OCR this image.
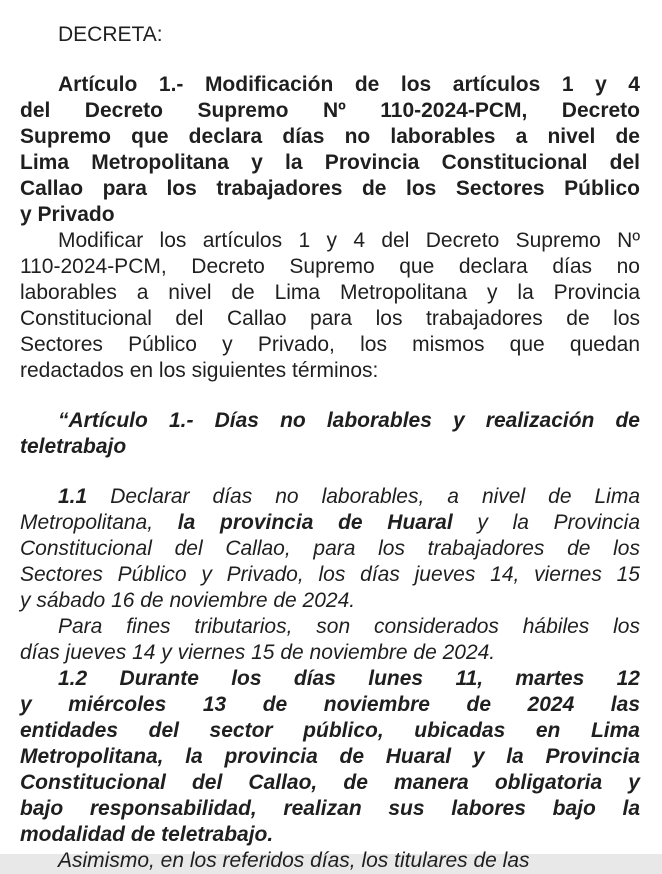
DECRETA:
Artículo 1.- Modificación de los artículos 1 y 4
del Decreto Supremo Nº 110-2024-PCM, Decreto
Supremo que declara días no laborables a nivel de
Lima Metropolitana y la Provincia Constitucional del
Callao para los trabajadores de los Sectores Público
y Privado
Modificar los artículos 1 y 4 del Decreto Supremo Nº
110-2024-PCM, Decreto Supremo que declara días no
laborables a nivel de Lima Metropolitana y la Provincia
Constitucional del Callao para los trabajadores de los
Sectores Público y Privado, los mismos que quedan
redactados en los siguientes términos:
“Artículo 1.- Días no laborables y realización de
teletrabajo
1.1 Declarar días no laborables, a nivel de Lima
Metropolitana, la provincia de Huaral y la Provincia
Constitucional del Callao, para los trabajadores de los
Sectores Público y Privado, los días jueves 14, viernes 15
y sábado 16 de noviembre de 2024.
Para fines tributarios, son considerados hábiles los
días jueves 14 y viernes 15 de noviembre de 2024.
1.2 Durante los días lunes 11, martes 12
y miércoles 13 de noviembre de 2024 las
entidades del sector público, ubicadas en Lima
Metropolitana, la provincia de Huaral y la Provincia
Constitucional del Callao, de manera obligatoria y
bajo responsabilidad, realizan sus labores bajo la
modalidad de teletrabajo.
Asimismo, en los referidos días, los titulares de las
